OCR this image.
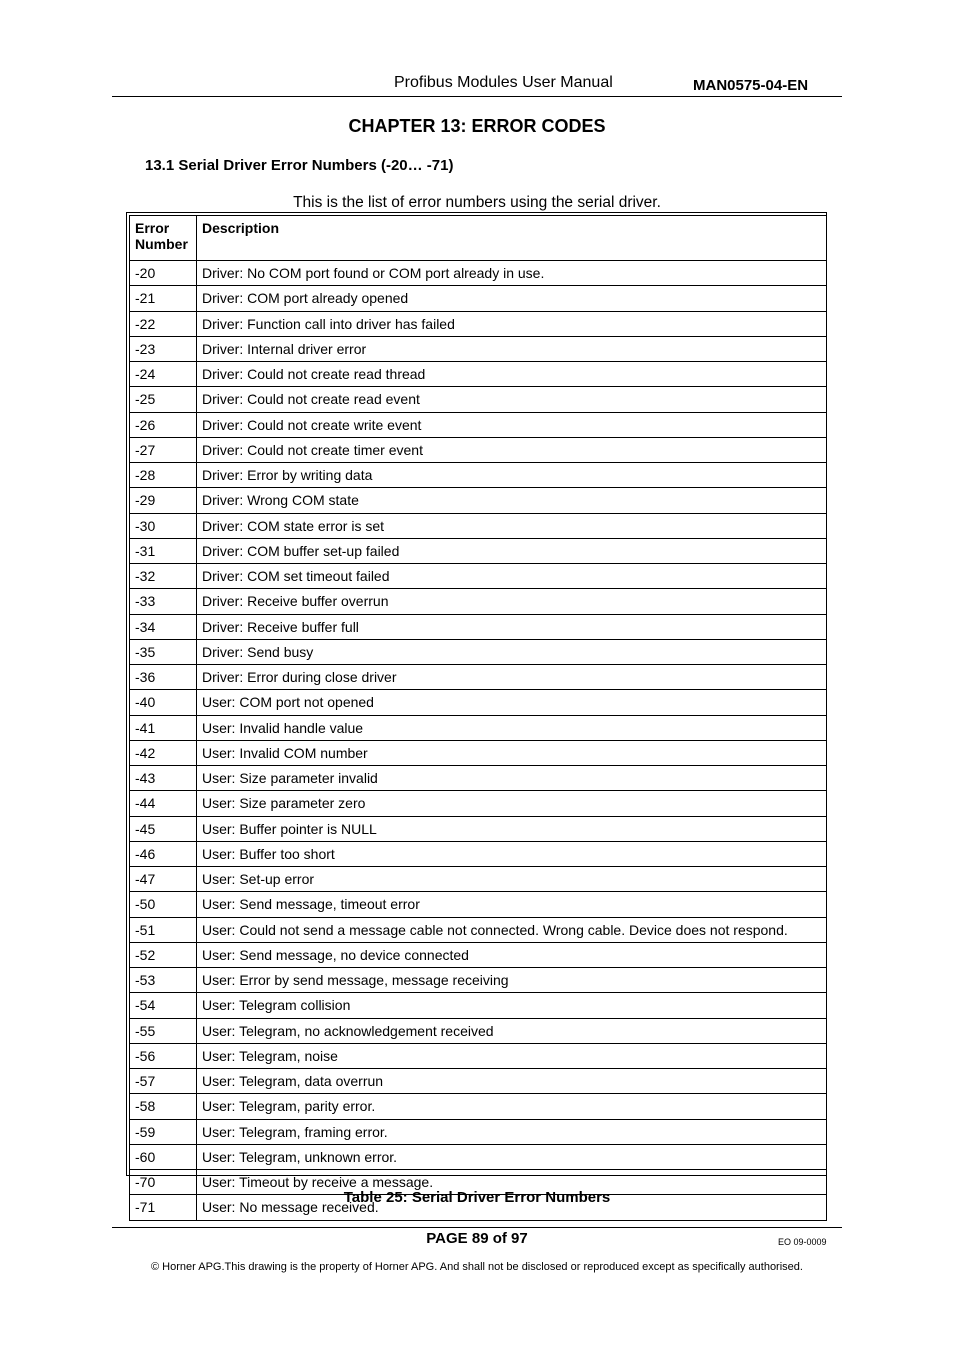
Profibus Modules User Manual	MAN0575-04-EN
CHAPTER 13: ERROR CODES
13.1 Serial Driver Error Numbers (-20… -71)
This is the list of error numbers using the serial driver.
Error Number	Description
-20	Driver: No COM port found or COM port already in use.
-21	Driver: COM port already opened
-22	Driver: Function call into driver has failed
-23	Driver: Internal driver error
-24	Driver: Could not create read thread
-25	Driver: Could not create read event
-26	Driver: Could not create write event
-27	Driver: Could not create timer event
-28	Driver: Error by writing data
-29	Driver: Wrong COM state
-30	Driver: COM state error is set
-31	Driver: COM buffer set-up failed
-32	Driver: COM set timeout failed
-33	Driver: Receive buffer overrun
-34	Driver: Receive buffer full
-35	Driver: Send busy
-36	Driver: Error during close driver
-40	User: COM port not opened
-41	User: Invalid handle value
-42	User: Invalid COM number
-43	User: Size parameter invalid
-44	User: Size parameter zero
-45	User: Buffer pointer is NULL
-46	User: Buffer too short
-47	User: Set-up error
-50	User: Send message, timeout error
-51	User: Could not send a message cable not connected. Wrong cable. Device does not respond.
-52	User: Send message, no device connected
-53	User: Error by send message, message receiving
-54	User: Telegram collision
-55	User: Telegram, no acknowledgement received
-56	User: Telegram, noise
-57	User: Telegram, data overrun
-58	User: Telegram, parity error.
-59	User: Telegram, framing error.
-60	User: Telegram, unknown error.
-70	User: Timeout by receive a message.
-71	User: No message received.
Table 25: Serial Driver Error Numbers
PAGE 89 of 97	EO 09-0009
© Horner APG.This drawing is the property of Horner APG. And shall not be disclosed or reproduced except as specifically authorised.
